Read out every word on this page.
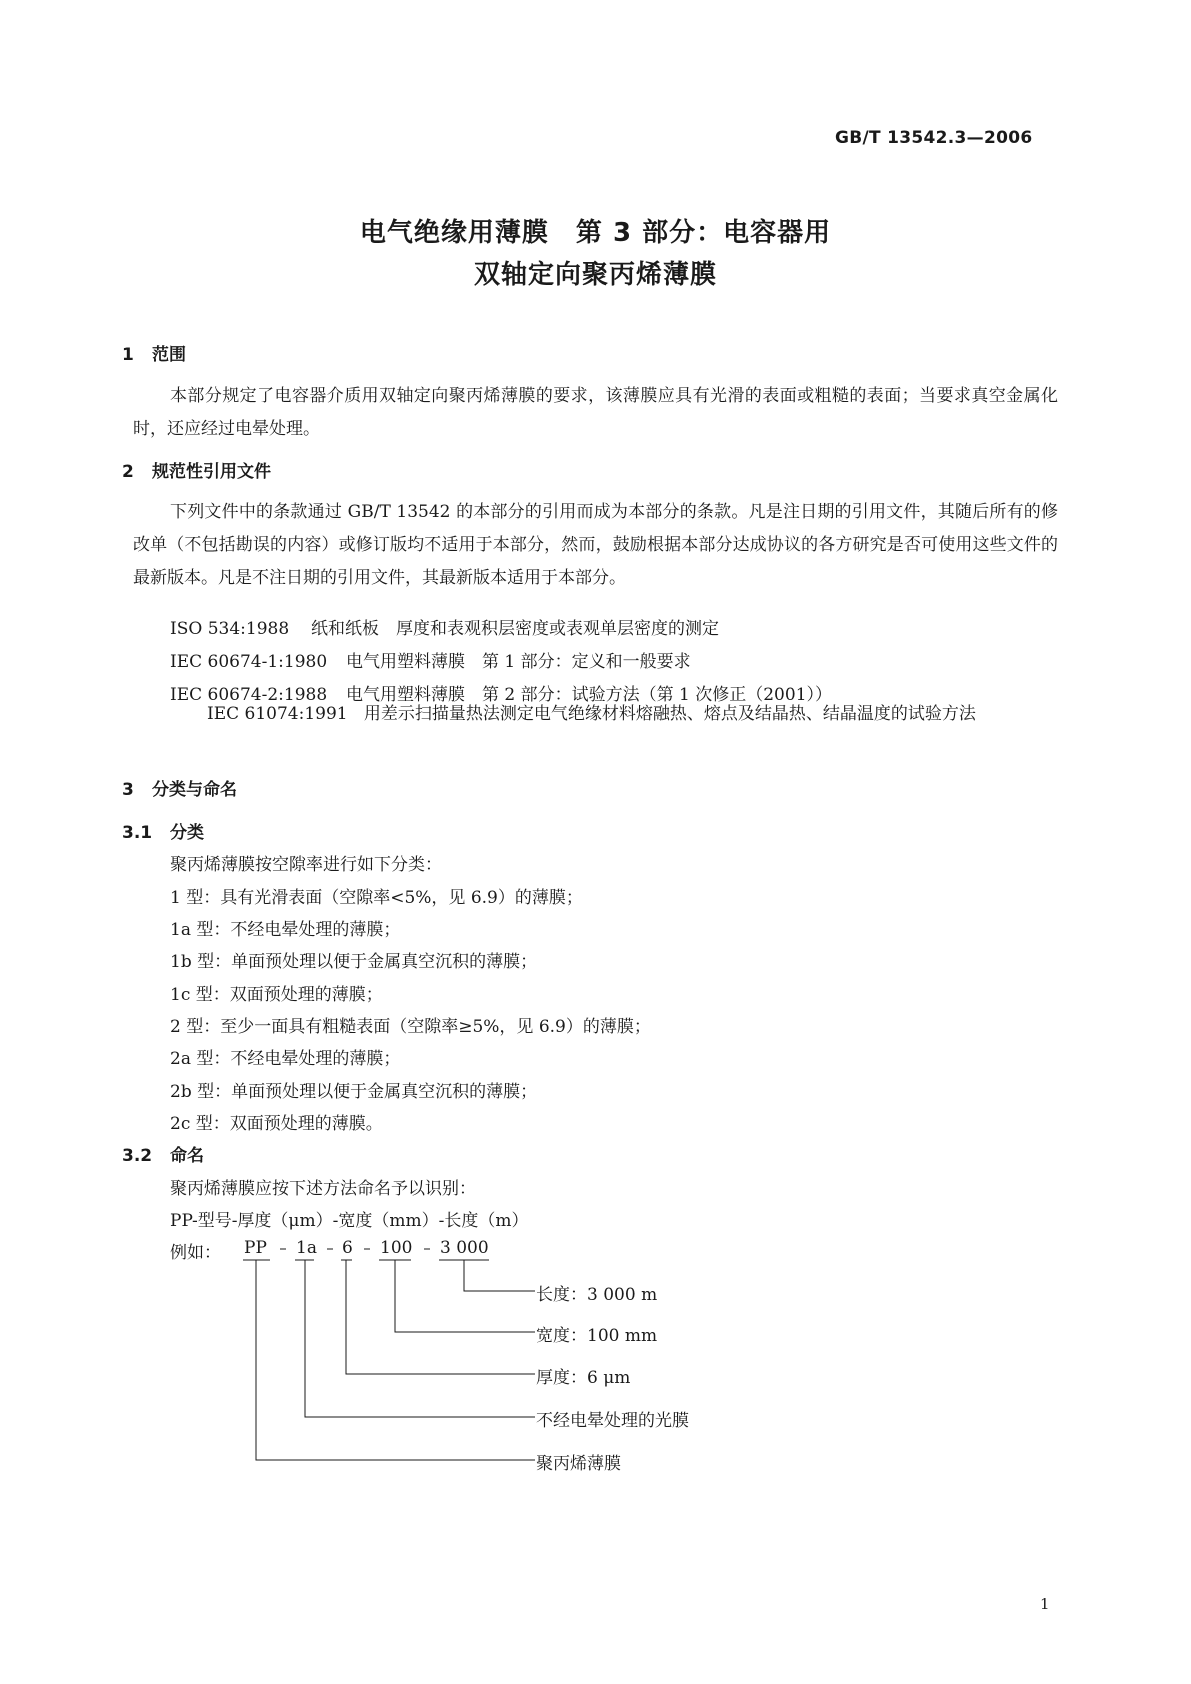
GB/T 13542.3—2006
电气绝缘用薄膜　第 3 部分：电容器用
双轴定向聚丙烯薄膜
1 范围
本部分规定了电容器介质用双轴定向聚丙烯薄膜的要求，该薄膜应具有光滑的表面或粗糙的表面；当要求真空金属化时，还应经过电晕处理。
2 规范性引用文件
下列文件中的条款通过 GB/T 13542 的本部分的引用而成为本部分的条款。凡是注日期的引用文件，其随后所有的修改单（不包括勘误的内容）或修订版均不适用于本部分，然而，鼓励根据本部分达成协议的各方研究是否可使用这些文件的最新版本。凡是不注日期的引用文件，其最新版本适用于本部分。
ISO 534:1988 纸和纸板　厚度和表观积层密度或表观单层密度的测定
IEC 60674-1:1980 电气用塑料薄膜　第 1 部分：定义和一般要求
IEC 60674-2:1988 电气用塑料薄膜　第 2 部分：试验方法（第 1 次修正（2001））
IEC 61074:1991 用差示扫描量热法测定电气绝缘材料熔融热、熔点及结晶热、结晶温度的试验方法
3 分类与命名
3.1 分类
聚丙烯薄膜按空隙率进行如下分类：
1 型：具有光滑表面（空隙率<5%，见 6.9）的薄膜；
1a 型：不经电晕处理的薄膜；
1b 型：单面预处理以便于金属真空沉积的薄膜；
1c 型：双面预处理的薄膜；
2 型：至少一面具有粗糙表面（空隙率≥5%，见 6.9）的薄膜；
2a 型：不经电晕处理的薄膜；
2b 型：单面预处理以便于金属真空沉积的薄膜；
2c 型：双面预处理的薄膜。
3.2 命名
聚丙烯薄膜应按下述方法命名予以识别：
PP-型号-厚度（μm）-宽度（mm）-长度（m）
例如： PP 1a 6 100 3 000
长度：3 000 m
宽度：100 mm
厚度：6 μm
不经电晕处理的光膜
聚丙烯薄膜
1
